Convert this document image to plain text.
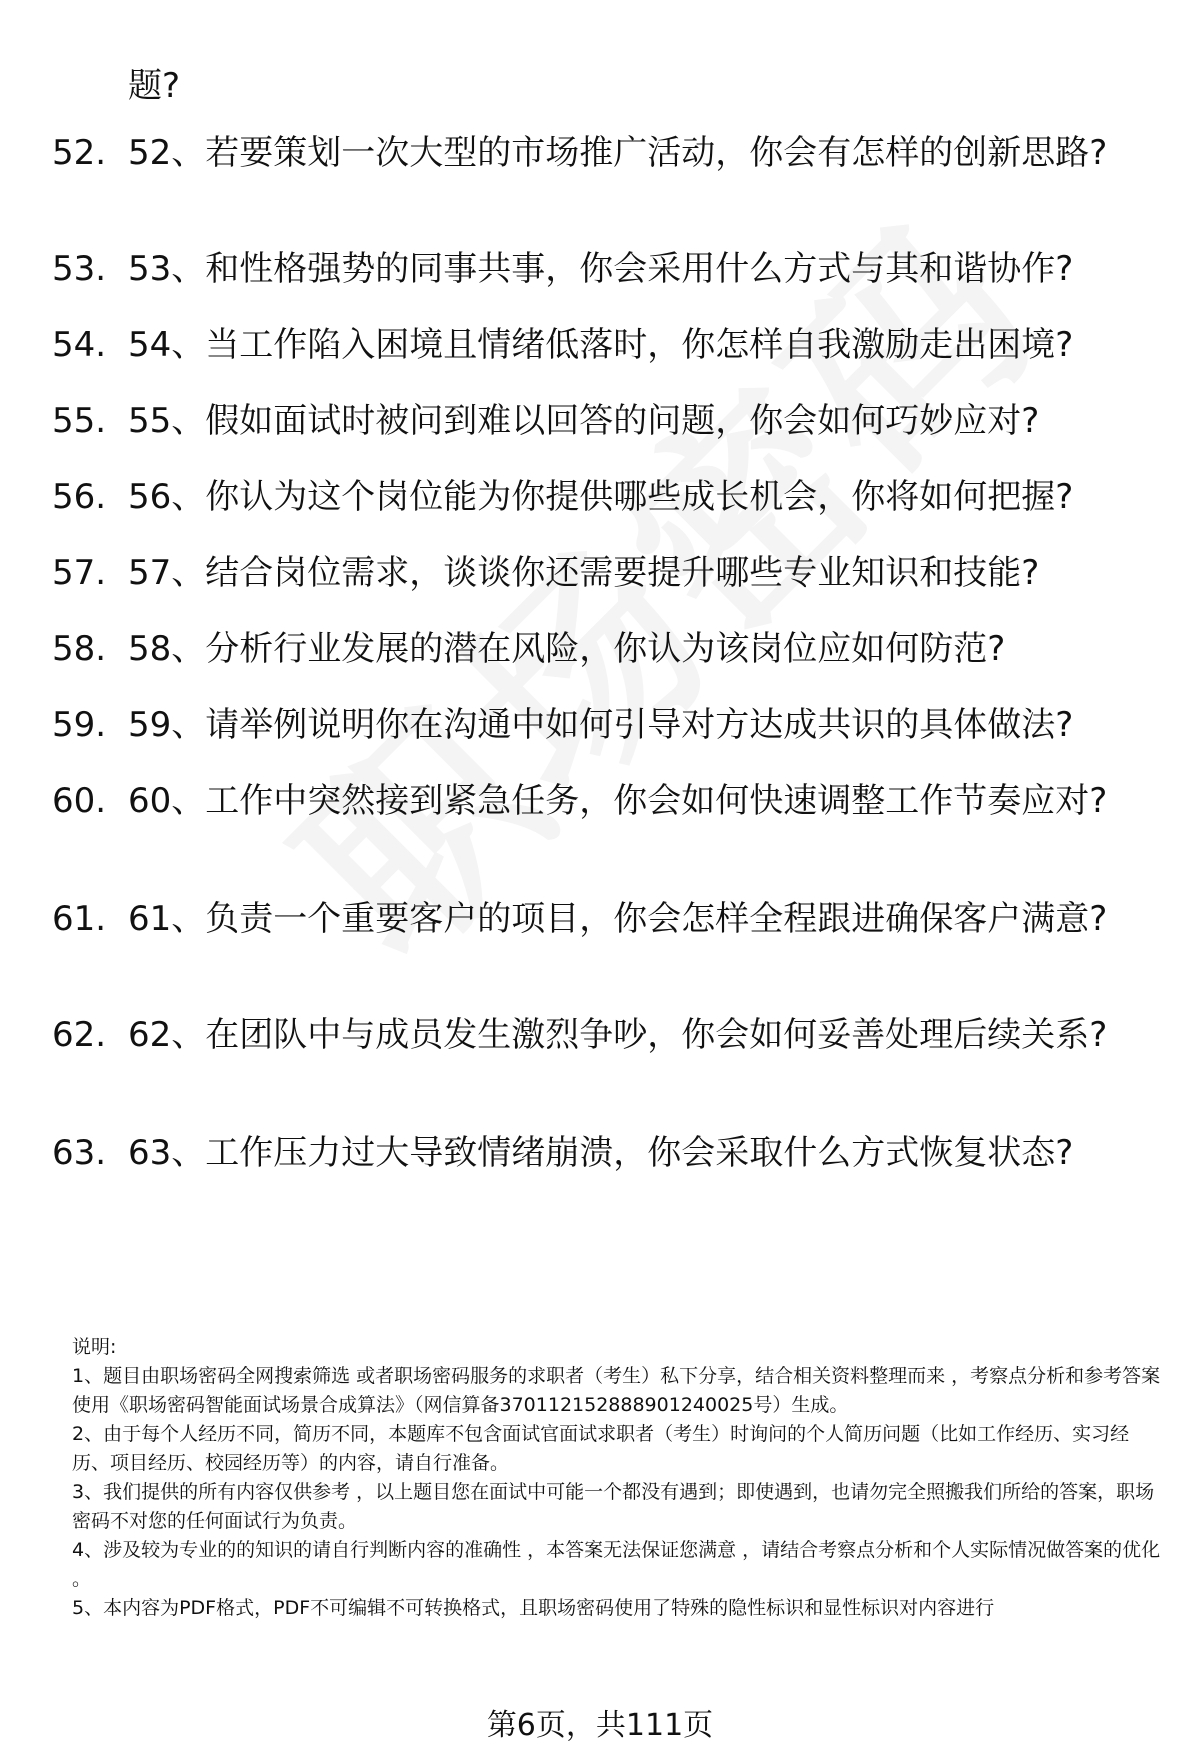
题?
52. 52、若要策划一次大型的市场推广活动，你会有怎样的创新思路?
53. 53、和性格强势的同事共事，你会采用什么方式与其和谐协作?
54. 54、当工作陷入困境且情绪低落时，你怎样自我激励走出困境?
55. 55、假如面试时被问到难以回答的问题，你会如何巧妙应对?
56. 56、你认为这个岗位能为你提供哪些成长机会，你将如何把握?
57. 57、结合岗位需求，谈谈你还需要提升哪些专业知识和技能?
58. 58、分析行业发展的潜在风险，你认为该岗位应如何防范?
59. 59、请举例说明你在沟通中如何引导对方达成共识的具体做法?
60. 60、工作中突然接到紧急任务，你会如何快速调整工作节奏应对?
61. 61、负责一个重要客户的项目，你会怎样全程跟进确保客户满意?
62. 62、在团队中与成员发生激烈争吵，你会如何妥善处理后续关系?
63. 63、工作压力过大导致情绪崩溃，你会采取什么方式恢复状态?

说明:

1、题目由职场密码全网搜索筛选 或者职场密码服务的求职者（考生）私下分享，结合相关资料整理而来 ，考察点分析和参考答案使用《职场密码智能面试场景合成算法》（网信算备370112152888901240025号）生成。

2、由于每个人经历不同，简历不同，本题库不包含面试官面试求职者（考生）时询问的个人简历问题（比如工作经历、实习经历、项目经历、校园经历等）的内容，请自行准备。

3、我们提供的所有内容仅供参考 ，以上题目您在面试中可能一个都没有遇到；即使遇到，也请勿完全照搬我们所给的答案，职场密码不对您的任何面试行为负责。

4、涉及较为专业的的知识的请自行判断内容的准确性 ，本答案无法保证您满意 ，请结合考察点分析和个人实际情况做答案的优化 。

5、本内容为PDF格式，PDF不可编辑不可转换格式，且职场密码使用了特殊的隐性标识和显性标识对内容进行

第6页，共111页
